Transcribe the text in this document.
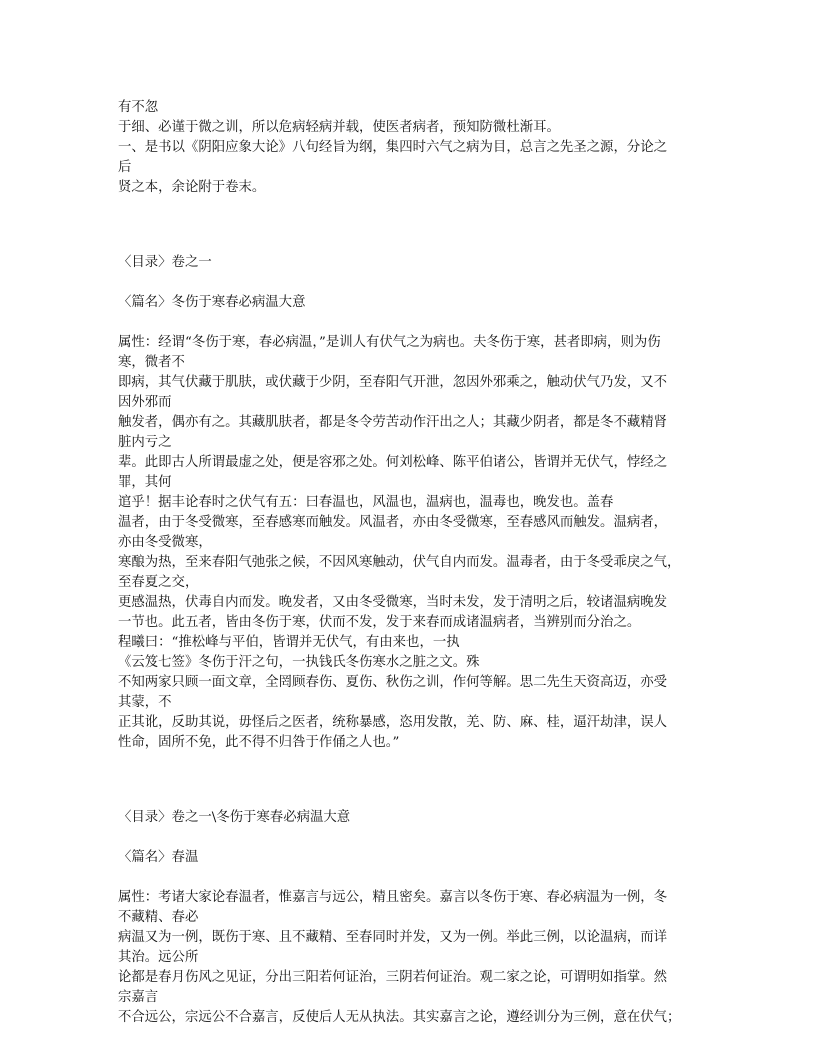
有不忽
于细、必谨于微之训，所以危病轻病并载，使医者病者，预知防微杜渐耳。
一、是书以《阴阳应象大论》八句经旨为纲，集四时六气之病为目，总言之先圣之源，分论之
后
贤之本，余论附于卷末。
〈目录〉卷之一
〈篇名〉冬伤于寒春必病温大意
属性：经谓“冬伤于寒，春必病温，”是训人有伏气之为病也。夫冬伤于寒，甚者即病，则为伤
寒，微者不
即病，其气伏藏于肌肤，或伏藏于少阴，至春阳气开泄，忽因外邪乘之，触动伏气乃发，又不
因外邪而
触发者，偶亦有之。其藏肌肤者，都是冬令劳苦动作汗出之人；其藏少阴者，都是冬不藏精肾
脏内亏之
辈。此即古人所谓最虚之处，便是容邪之处。何刘松峰、陈平伯诸公，皆谓并无伏气，悖经之
罪，其何
逭乎！据丰论春时之伏气有五：曰春温也，风温也，温病也，温毒也，晚发也。盖春
温者，由于冬受微寒，至春感寒而触发。风温者，亦由冬受微寒，至春感风而触发。温病者，
亦由冬受微寒，
寒酿为热，至来春阳气弛张之候，不因风寒触动，伏气自内而发。温毒者，由于冬受乖戾之气，
至春夏之交，
更感温热，伏毒自内而发。晚发者，又由冬受微寒，当时未发，发于清明之后，较诸温病晚发
一节也。此五者，皆由冬伤于寒，伏而不发，发于来春而成诸温病者，当辨别而分治之。
程曦曰：“推松峰与平伯，皆谓并无伏气，有由来也，一执
《云笈七签》冬伤于汗之句，一执钱氏冬伤寒水之脏之文。殊
不知两家只顾一面文章，全罔顾春伤、夏伤、秋伤之训，作何等解。思二先生天资高迈，亦受
其蒙，不
正其讹，反助其说，毋怪后之医者，统称暴感，恣用发散，羌、防、麻、桂，逼汗劫津，误人
性命，固所不免，此不得不归咎于作俑之人也。”
〈目录〉卷之一\冬伤于寒春必病温大意
〈篇名〉春温
属性：考诸大家论春温者，惟嘉言与远公，精且密矣。嘉言以冬伤于寒、春必病温为一例，冬
不藏精、春必
病温又为一例，既伤于寒、且不藏精、至春同时并发，又为一例。举此三例，以论温病，而详
其治。远公所
论都是春月伤风之见证，分出三阳若何证治，三阴若何证治。观二家之论，可谓明如指掌。然
宗嘉言
不合远公，宗远公不合嘉言，反使后人无从执法。其实嘉言之论，遵经训分为三例，意在伏气；
